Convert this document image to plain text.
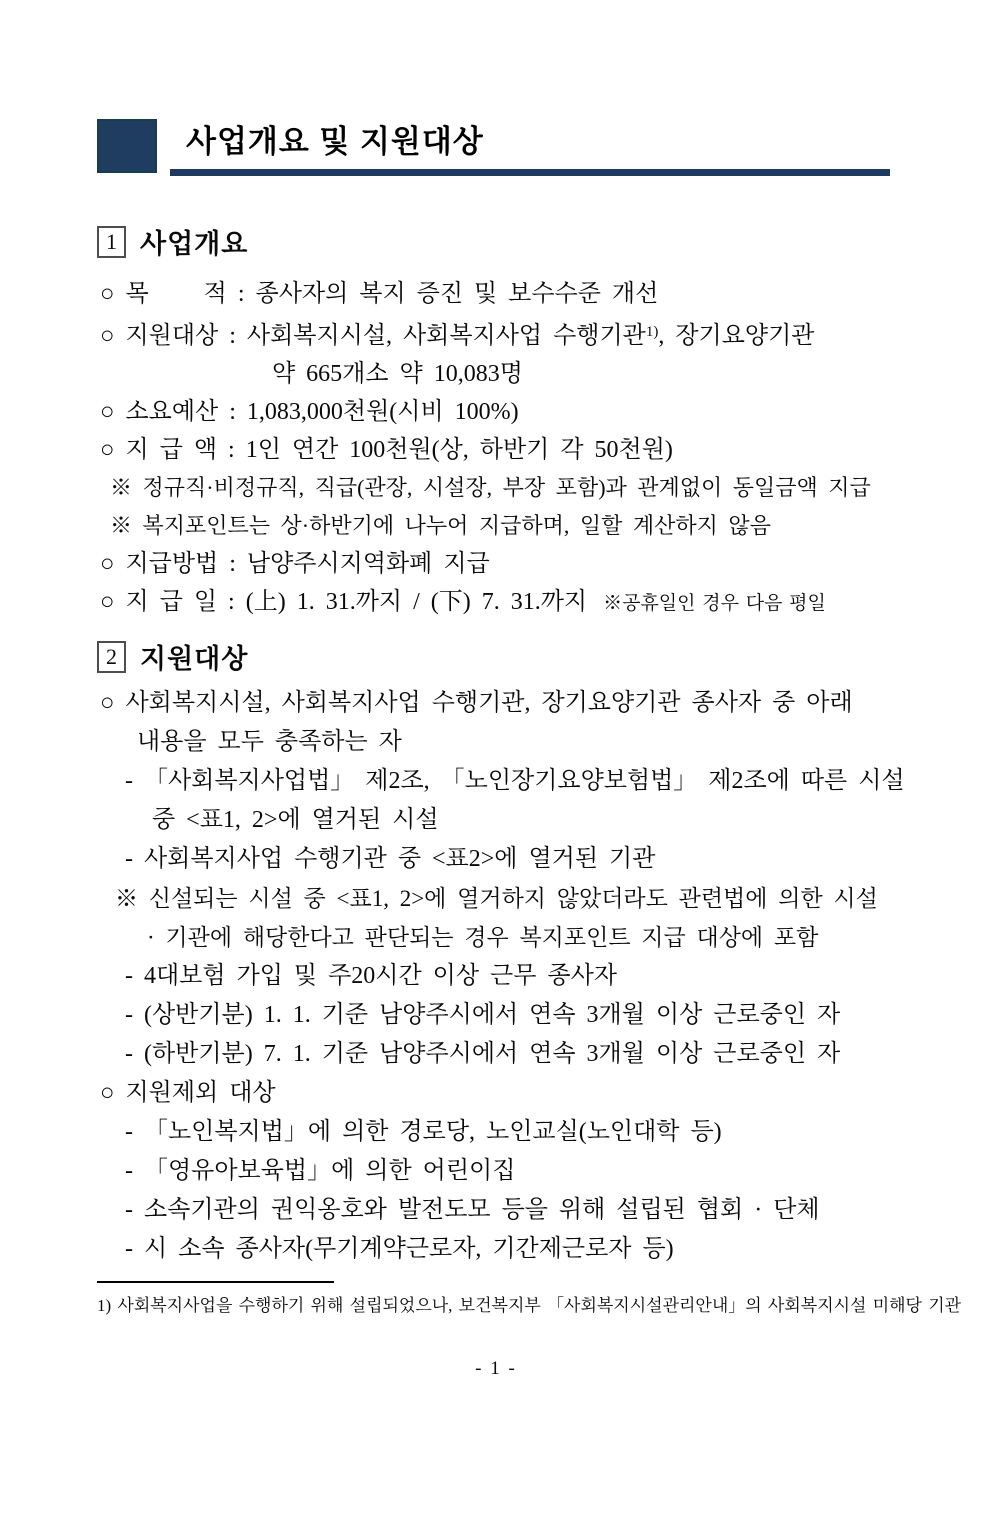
사업개요 및 지원대상
1 사업개요
○ 목     적 : 종사자의 복지 증진 및 보수수준 개선
○ 지원대상 : 사회복지시설, 사회복지사업 수행기관$^{1)}$, 장기요양기관
약 665개소 약 10,083명
○ 소요예산 : 1,083,000천원(시비 100%)
○ 지 급 액 : 1인 연간 100천원(상, 하반기 각 50천원)
※ 정규직·비정규직, 직급(관장, 시설장, 부장 포함)과 관계없이 동일금액 지급
※ 복지포인트는 상·하반기에 나누어 지급하며, 일할 계산하지 않음
○ 지급방법 : 남양주시지역화폐 지급
○ 지 급 일 : (上) 1. 31.까지 / (下) 7. 31.까지 ※공휴일인 경우 다음 평일
2 지원대상
○ 사회복지시설, 사회복지사업 수행기관, 장기요양기관 종사자 중 아래
내용을 모두 충족하는 자
- 「사회복지사업법」 제2조, 「노인장기요양보험법」 제2조에 따른 시설
중 <표1, 2>에 열거된 시설
- 사회복지사업 수행기관 중 <표2>에 열거된 기관
※ 신설되는 시설 중 <표1, 2>에 열거하지 않았더라도 관련법에 의한 시설
· 기관에 해당한다고 판단되는 경우 복지포인트 지급 대상에 포함
- 4대보험 가입 및 주20시간 이상 근무 종사자
- (상반기분) 1. 1. 기준 남양주시에서 연속 3개월 이상 근로중인 자
- (하반기분) 7. 1. 기준 남양주시에서 연속 3개월 이상 근로중인 자
○ 지원제외 대상
- 「노인복지법」에 의한 경로당, 노인교실(노인대학 등)
- 「영유아보육법」에 의한 어린이집
- 소속기관의 권익옹호와 발전도모 등을 위해 설립된 협회 · 단체
- 시 소속 종사자(무기계약근로자, 기간제근로자 등)
1) 사회복지사업을 수행하기 위해 설립되었으나, 보건복지부 「사회복지시설관리안내」의 사회복지시설 미해당 기관
- 1 -
